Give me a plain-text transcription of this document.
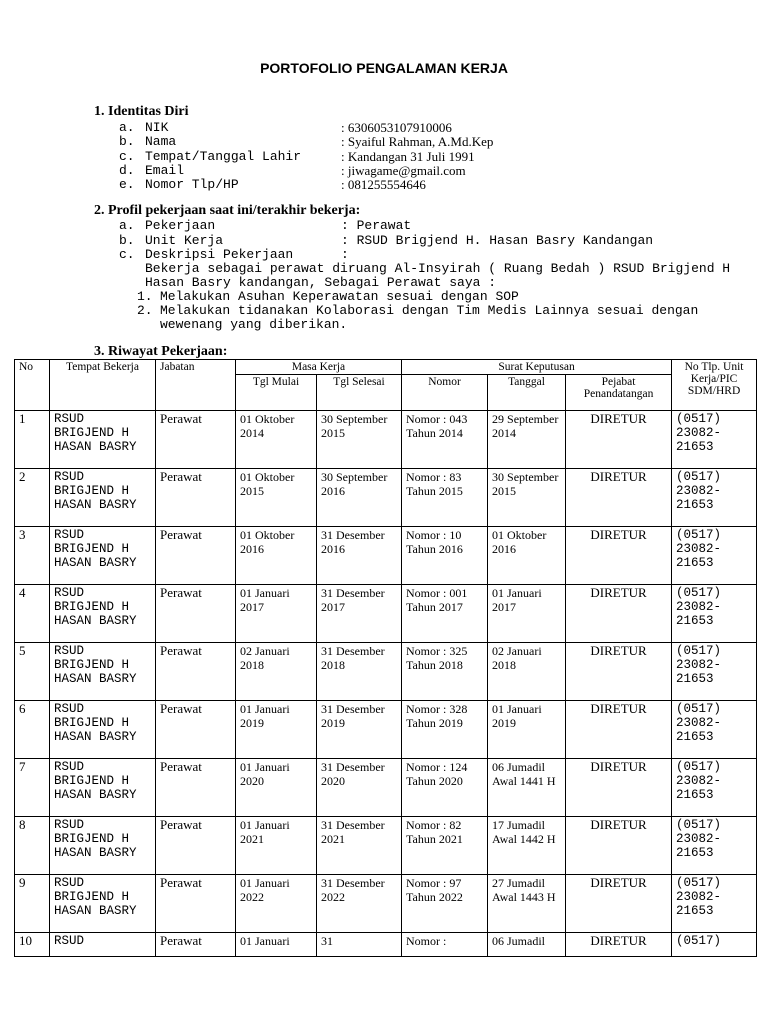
PORTOFOLIO PENGALAMAN KERJA
1. Identitas Diri
a. NIK	: 6306053107910006
b. Nama	: Syaiful Rahman, A.Md.Kep
c. Tempat/Tanggal Lahir	: Kandangan 31 Juli 1991
d. Email	: jiwagame@gmail.com
e. Nomor Tlp/HP	: 081255554646
2. Profil pekerjaan saat ini/terakhir bekerja:
a. Pekerjaan	: Perawat
b. Unit Kerja	: RSUD Brigjend H. Hasan Basry Kandangan
c. Deskripsi Pekerjaan	:
Bekerja sebagai perawat diruang Al-Insyirah ( Ruang Bedah ) RSUD Brigjend H
Hasan Basry kandangan, Sebagai Perawat saya :
1. Melakukan Asuhan Keperawatan sesuai dengan SOP
2. Melakukan tidanakan Kolaborasi dengan Tim Medis Lainnya sesuai dengan
wewenang yang diberikan.
3. Riwayat Pekerjaan:
No	Tempat Bekerja	Jabatan	Masa Kerja		Surat Keputusan			No Tlp. Unit Kerja/PIC SDM/HRD
			Tgl Mulai	Tgl Selesai	Nomor	Tanggal	Pejabat Penandatangan	
1	RSUD BRIGJEND H HASAN BASRY	Perawat	01 Oktober 2014	30 September 2015	Nomor : 043 Tahun 2014	29 September 2014	DIRETUR	(0517) 23082-21653
2	RSUD BRIGJEND H HASAN BASRY	Perawat	01 Oktober 2015	30 September 2016	Nomor : 83 Tahun 2015	30 September 2015	DIRETUR	(0517) 23082-21653
3	RSUD BRIGJEND H HASAN BASRY	Perawat	01 Oktober 2016	31 Desember 2016	Nomor : 10 Tahun 2016	01 Oktober 2016	DIRETUR	(0517) 23082-21653
4	RSUD BRIGJEND H HASAN BASRY	Perawat	01 Januari 2017	31 Desember 2017	Nomor : 001 Tahun 2017	01 Januari 2017	DIRETUR	(0517) 23082-21653
5	RSUD BRIGJEND H HASAN BASRY	Perawat	02 Januari 2018	31 Desember 2018	Nomor : 325 Tahun 2018	02 Januari 2018	DIRETUR	(0517) 23082-21653
6	RSUD BRIGJEND H HASAN BASRY	Perawat	01 Januari 2019	31 Desember 2019	Nomor : 328 Tahun 2019	01 Januari 2019	DIRETUR	(0517) 23082-21653
7	RSUD BRIGJEND H HASAN BASRY	Perawat	01 Januari 2020	31 Desember 2020	Nomor : 124 Tahun 2020	06 Jumadil Awal 1441 H	DIRETUR	(0517) 23082-21653
8	RSUD BRIGJEND H HASAN BASRY	Perawat	01 Januari 2021	31 Desember 2021	Nomor : 82 Tahun 2021	17 Jumadil Awal 1442 H	DIRETUR	(0517) 23082-21653
9	RSUD BRIGJEND H HASAN BASRY	Perawat	01 Januari 2022	31 Desember 2022	Nomor : 97 Tahun 2022	27 Jumadil Awal 1443 H	DIRETUR	(0517) 23082-21653
10	RSUD	Perawat	01 Januari	31	Nomor :	06 Jumadil	DIRETUR	(0517)
